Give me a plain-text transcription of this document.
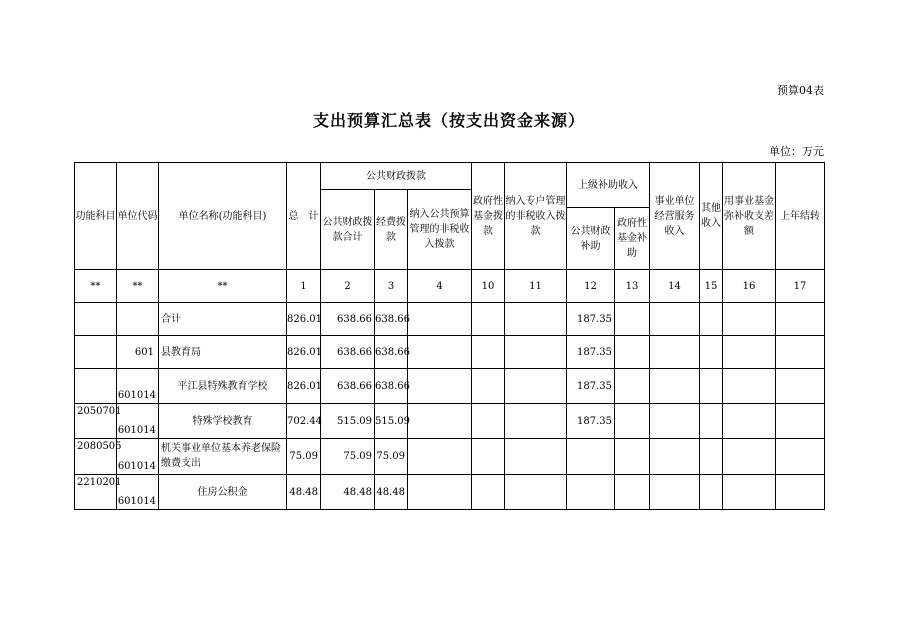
预算04表
支出预算汇总表（按支出资金来源）
单位：万元
功能科目	单位代码	单位名称(功能科目)	总　计	公共财政拨款			政府性基金拨款	纳入专户管理的非税收入拨款	上级补助收入		事业单位经营服务收入	其他收入	用事业基金弥补收支差额	上年结转
				公共财政拨款合计	经费拨款	纳入公共预算管理的非税收入拨款								
									公共财政补助	政府性基金补助				
**	**	**	1	2	3	4	10	11	12	13	14	15	16	17
		合计	826.01	638.66	638.66				187.35					
	601	县教育局	826.01	638.66	638.66				187.35					
	601014	平江县特殊教育学校	826.01	638.66	638.66				187.35					
2050701	601014	特殊学校教育	702.44	515.09	515.09				187.35					
2080505	601014	机关事业单位基本养老保险缴费支出	75.09	75.09	75.09									
2210201	601014	住房公积金	48.48	48.48	48.48									
